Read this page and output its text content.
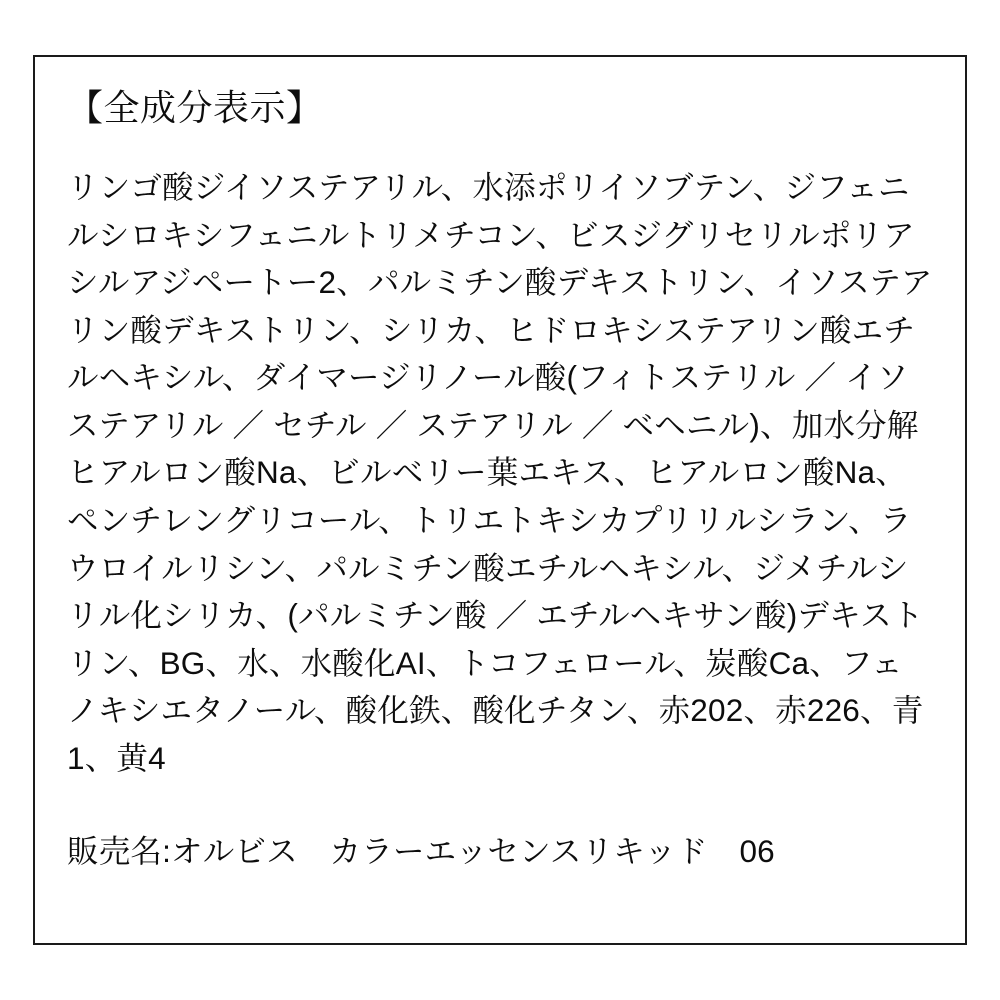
【全成分表示】
リンゴ酸ジイソステアリル、水添ポリイソブテン、ジフェニルシロキシフェニルトリメチコン、ビスジグリセリルポリアシルアジペートー2、パルミチン酸デキストリン、イソステアリン酸デキストリン、シリカ、ヒドロキシステアリン酸エチルヘキシル、ダイマージリノール酸(フィトステリル ／ イソステアリル ／ セチル ／ ステアリル ／ ベヘニル)、加水分解ヒアルロン酸Na、ビルベリー葉エキス、ヒアルロン酸Na、ペンチレングリコール、トリエトキシカプリリルシラン、ラウロイルリシン、パルミチン酸エチルヘキシル、ジメチルシリル化シリカ、(パルミチン酸 ／ エチルヘキサン酸)デキストリン、BG、水、水酸化AI、トコフェロール、炭酸Ca、フェノキシエタノール、酸化鉄、酸化チタン、赤202、赤226、青1、黄4
販売名:オルビス　カラーエッセンスリキッド　06
